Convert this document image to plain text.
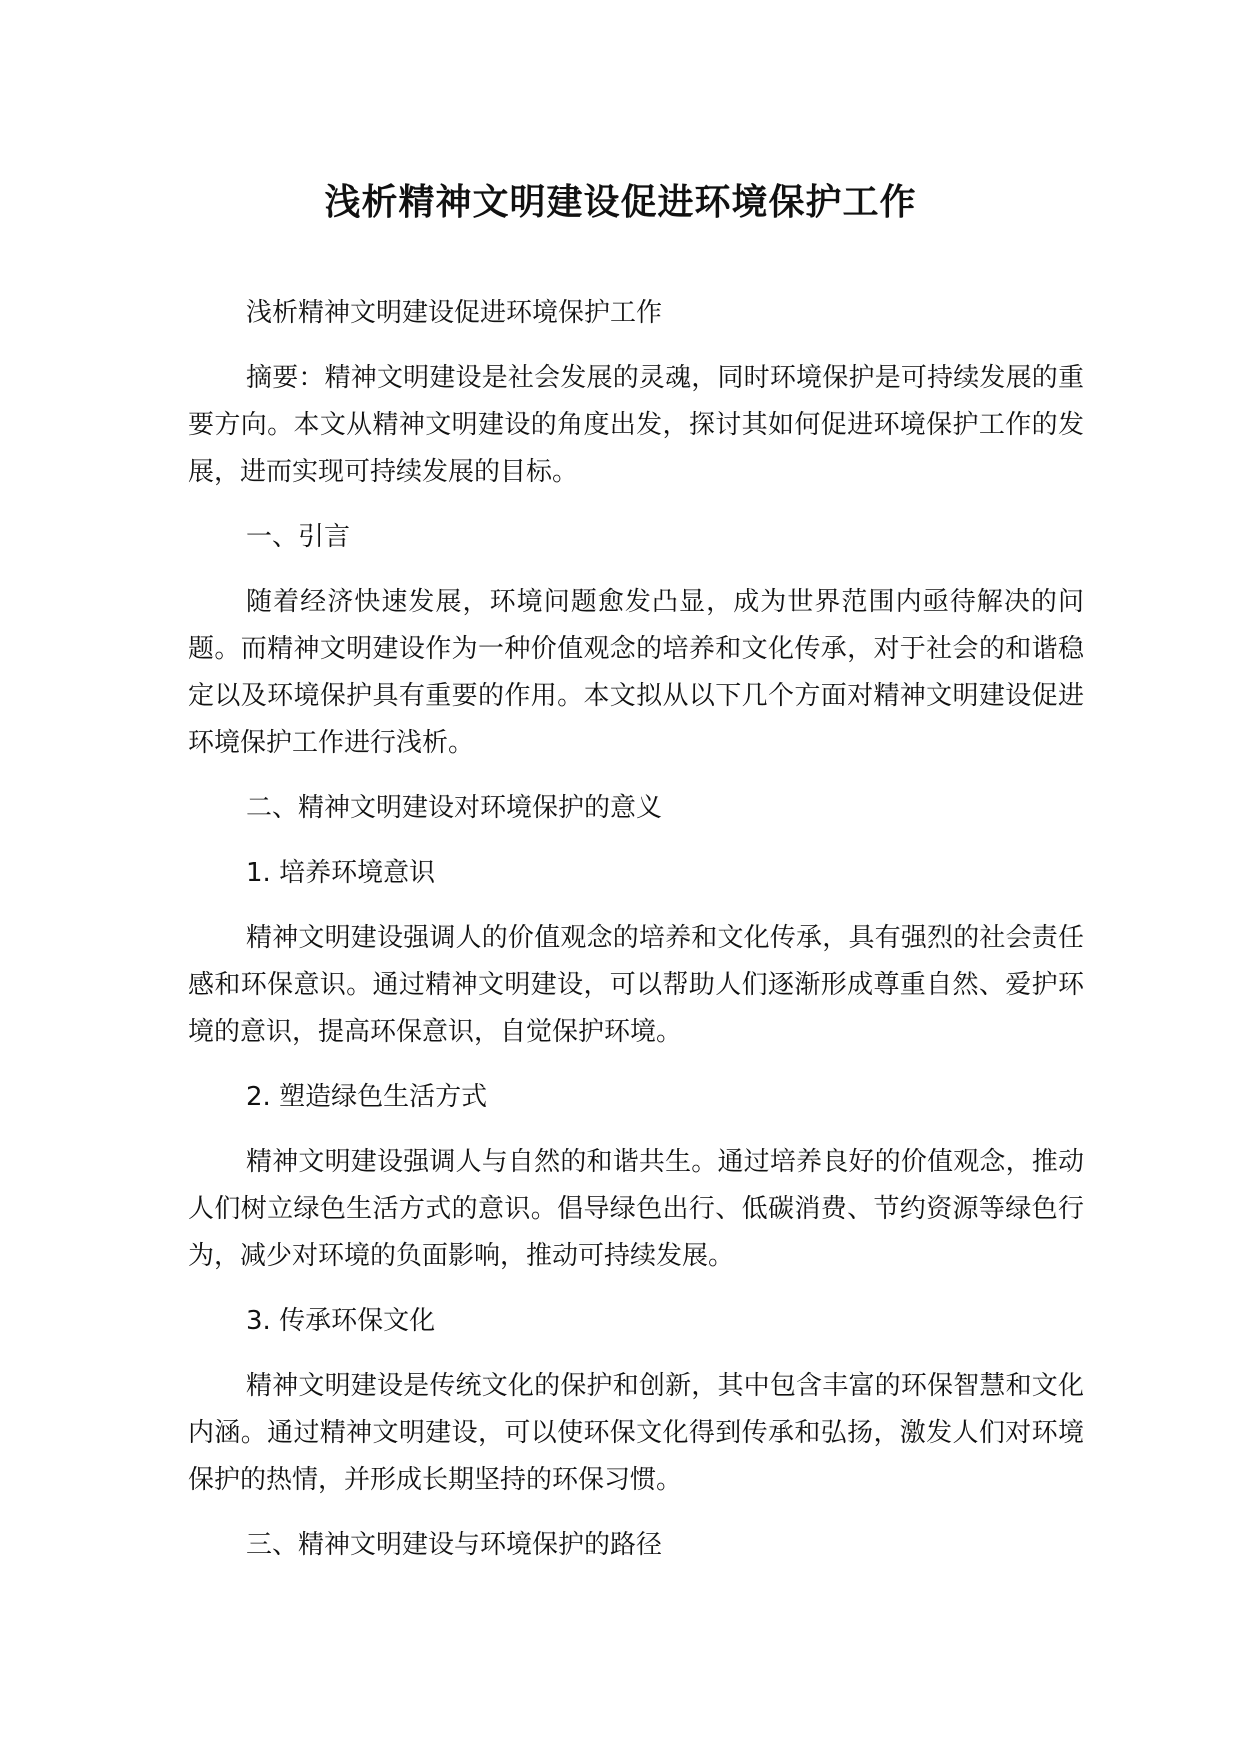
浅析精神文明建设促进环境保护工作

浅析精神文明建设促进环境保护工作

摘要：精神文明建设是社会发展的灵魂，同时环境保护是可持续发展的重要方向。本文从精神文明建设的角度出发，探讨其如何促进环境保护工作的发展，进而实现可持续发展的目标。

一、引言

随着经济快速发展，环境问题愈发凸显，成为世界范围内亟待解决的问题。而精神文明建设作为一种价值观念的培养和文化传承，对于社会的和谐稳定以及环境保护具有重要的作用。本文拟从以下几个方面对精神文明建设促进环境保护工作进行浅析。

二、精神文明建设对环境保护的意义

1. 培养环境意识

精神文明建设强调人的价值观念的培养和文化传承，具有强烈的社会责任感和环保意识。通过精神文明建设，可以帮助人们逐渐形成尊重自然、爱护环境的意识，提高环保意识，自觉保护环境。

2. 塑造绿色生活方式

精神文明建设强调人与自然的和谐共生。通过培养良好的价值观念，推动人们树立绿色生活方式的意识。倡导绿色出行、低碳消费、节约资源等绿色行为，减少对环境的负面影响，推动可持续发展。

3. 传承环保文化

精神文明建设是传统文化的保护和创新，其中包含丰富的环保智慧和文化内涵。通过精神文明建设，可以使环保文化得到传承和弘扬，激发人们对环境保护的热情，并形成长期坚持的环保习惯。

三、精神文明建设与环境保护的路径
